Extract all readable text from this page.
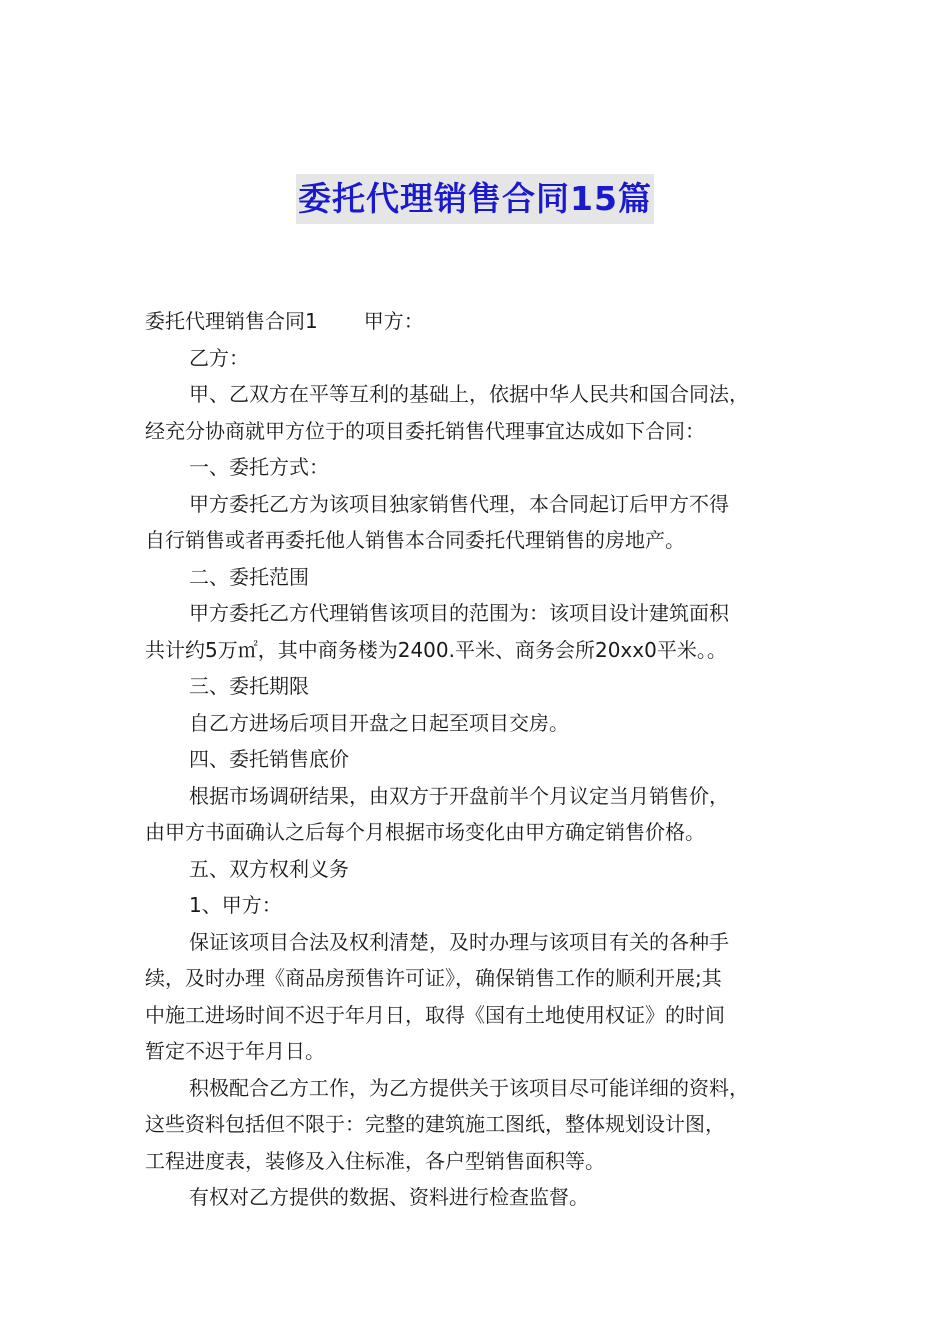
委托代理销售合同15篇

委托代理销售合同1 甲方：

乙方：

甲、乙双方在平等互利的基础上，依据中华人民共和国合同法，

经充分协商就甲方位于的项目委托销售代理事宜达成如下合同：

一、委托方式：

甲方委托乙方为该项目独家销售代理，本合同起订后甲方不得

自行销售或者再委托他人销售本合同委托代理销售的房地产。

二、委托范围

甲方委托乙方代理销售该项目的范围为：该项目设计建筑面积

共计约5万㎡，其中商务楼为2400.平米、商务会所20xx0平米。。

三、委托期限

自乙方进场后项目开盘之日起至项目交房。

四、委托销售底价

根据市场调研结果，由双方于开盘前半个月议定当月销售价，

由甲方书面确认之后每个月根据市场变化由甲方确定销售价格。

五、双方权利义务

1、甲方：

保证该项目合法及权利清楚，及时办理与该项目有关的各种手

续，及时办理《商品房预售许可证》，确保销售工作的顺利开展;其

中施工进场时间不迟于年月日，取得《国有土地使用权证》的时间

暂定不迟于年月日。

积极配合乙方工作，为乙方提供关于该项目尽可能详细的资料，

这些资料包括但不限于：完整的建筑施工图纸，整体规划设计图，

工程进度表，装修及入住标准，各户型销售面积等。

有权对乙方提供的数据、资料进行检查监督。
